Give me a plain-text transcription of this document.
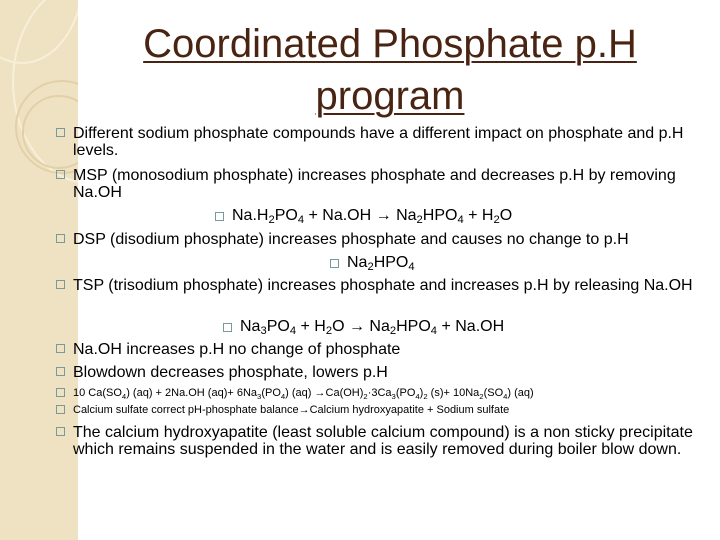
Coordinated Phosphate p.H program
Different sodium phosphate compounds have a different impact on phosphate and p.H levels.
MSP (monosodium phosphate) increases phosphate and decreases p.H by removing Na.OH
$Na.H_2PO_4 + Na.OH \to Na_2HPO_4 + H_2O$
DSP (disodium phosphate) increases phosphate and causes no change to p.H
$Na_2HPO_4$
TSP (trisodium phosphate) increases phosphate and increases p.H by releasing Na.OH
$Na_3PO_4 + H_2O \to Na_2HPO_4 + Na.OH$
Na.OH increases p.H no change of phosphate
Blowdown decreases phosphate, lowers p.H
10 $Ca(SO_4) (aq) + 2Na.OH$ $(aq)+ 6Na_3(PO_4)$ $(aq) \to Ca(OH)_2\cdot 3Ca_3(PO_4)_2$ $(s)+ 10Na_2(SO_4)$ (aq)
Calcium sulfate correct pH-phosphate balance→Calcium hydroxyapatite + Sodium sulfate
The calcium hydroxyapatite (least soluble calcium compound) is a non sticky precipitate which remains suspended in the water and is easily removed during boiler blow down.
